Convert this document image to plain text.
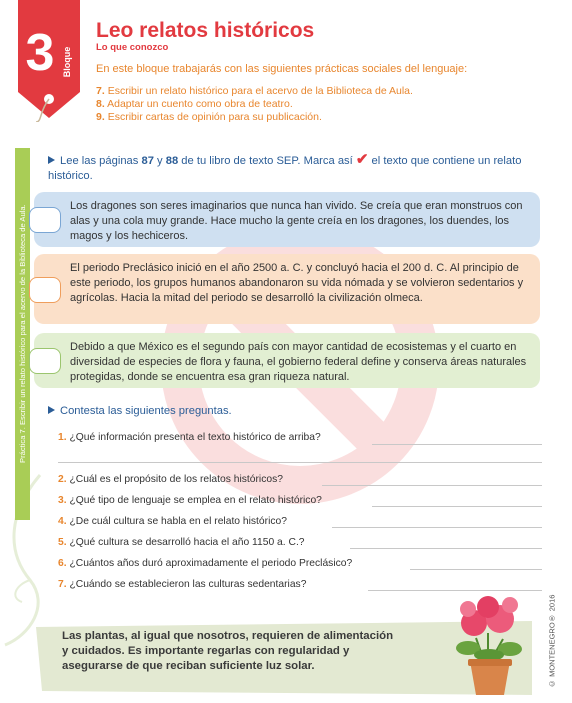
3 Bloque
Leo relatos históricos
Lo que conozco
En este bloque trabajarás con las siguientes prácticas sociales del lenguaje:
7. Escribir un relato histórico para el acervo de la Biblioteca de Aula.
8. Adaptar un cuento como obra de teatro.
9. Escribir cartas de opinión para su publicación.
Práctica 7. Escribir un relato histórico para el acervo de la Biblioteca de Aula.
Lee las páginas 87 y 88 de tu libro de texto SEP. Marca así ✔ el texto que contiene un relato histórico.
Los dragones son seres imaginarios que nunca han vivido. Se creía que eran monstruos con alas y una cola muy grande. Hace mucho la gente creía en los dragones, los duendes, los magos y los hechiceros.
El periodo Preclásico inició en el año 2500 a. C. y concluyó hacia el 200 d. C. Al principio de este periodo, los grupos humanos abandonaron su vida nómada y se volvieron sedentarios y agrícolas. Hacia la mitad del periodo se desarrolló la civilización olmeca.
Debido a que México es el segundo país con mayor cantidad de ecosistemas y el cuarto en diversidad de especies de flora y fauna, el gobierno federal define y conserva áreas naturales protegidas, donde se encuentra esa gran riqueza natural.
Contesta las siguientes preguntas.
1. ¿Qué información presenta el texto histórico de arriba?
2. ¿Cuál es el propósito de los relatos históricos?
3. ¿Qué tipo de lenguaje se emplea en el relato histórico?
4. ¿De cuál cultura se habla en el relato histórico?
5. ¿Qué cultura se desarrolló hacia el año 1150 a. C.?
6. ¿Cuántos años duró aproximadamente el periodo Preclásico?
7. ¿Cuándo se establecieron las culturas sedentarias?
Las plantas, al igual que nosotros, requieren de alimentación y cuidados. Es importante regarlas con regularidad y asegurarse de que reciban suficiente luz solar.	© MONTENEGRO® 2016
